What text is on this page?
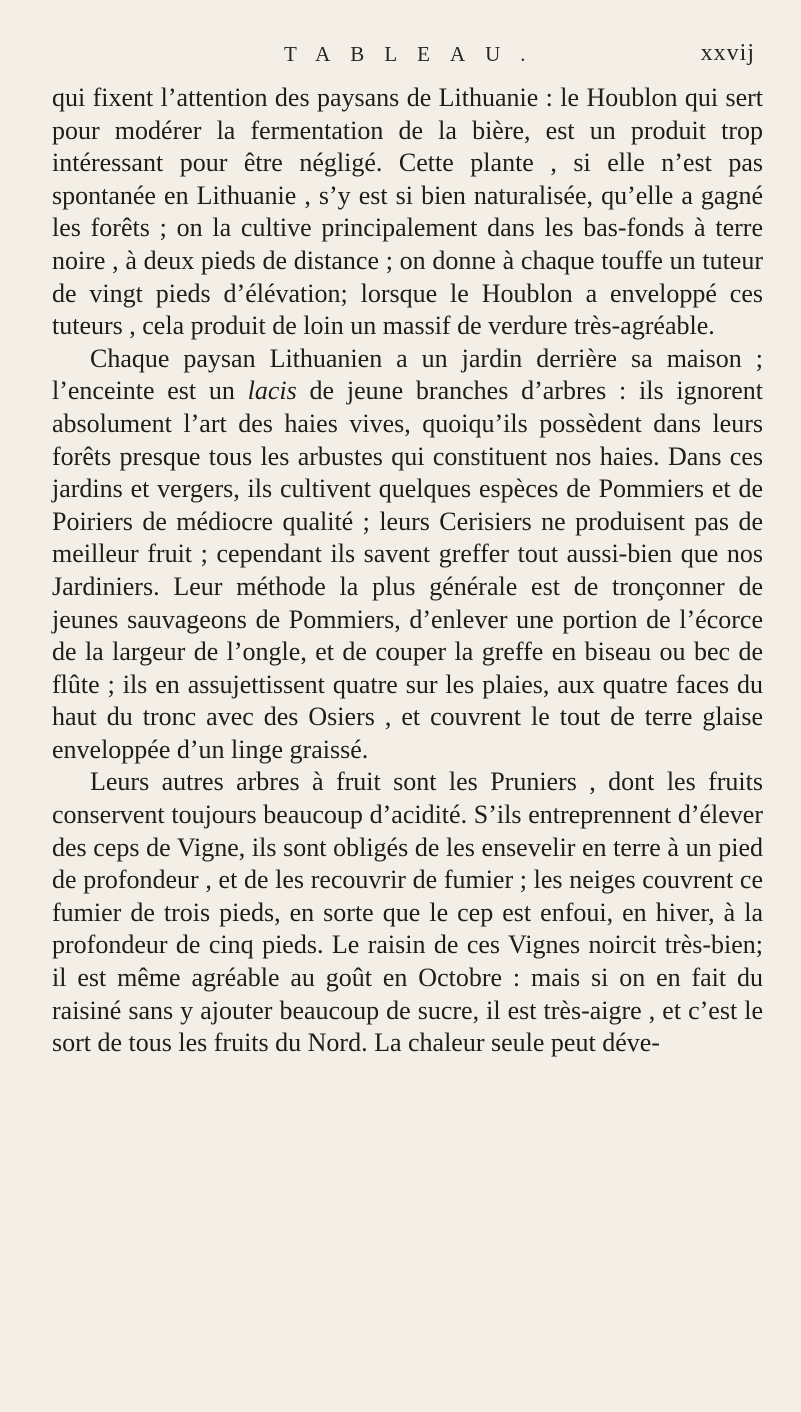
TABLEAU.	xxvij

qui fixent l’attention des paysans de Lithuanie : le Houblon qui sert pour modérer la fermentation de la bière, est un produit trop intéressant pour être négligé. Cette plante , si elle n’est pas spontanée en Lithuanie , s’y est si bien naturalisée, qu’elle a gagné les forêts ; on la cultive principalement dans les bas-fonds à terre noire , à deux pieds de distance ; on donne à chaque touffe un tuteur de vingt pieds d’élévation; lorsque le Houblon a enveloppé ces tuteurs , cela produit de loin un massif de verdure très-agréable.

Chaque paysan Lithuanien a un jardin derrière sa maison ; l’enceinte est un lacis de jeune branches d’arbres : ils ignorent absolument l’art des haies vives, quoiqu’ils possèdent dans leurs forêts presque tous les arbustes qui constituent nos haies. Dans ces jardins et vergers, ils cultivent quelques espèces de Pommiers et de Poiriers de médiocre qualité ; leurs Cerisiers ne produisent pas de meilleur fruit ; cependant ils savent greffer tout aussi-bien que nos Jardiniers. Leur méthode la plus générale est de tronçonner de jeunes sauvageons de Pommiers, d’enlever une portion de l’écorce de la largeur de l’ongle, et de couper la greffe en biseau ou bec de flûte ; ils en assujettissent quatre sur les plaies, aux quatre faces du haut du tronc avec des Osiers , et couvrent le tout de terre glaise enveloppée d’un linge graissé.

Leurs autres arbres à fruit sont les Pruniers , dont les fruits conservent toujours beaucoup d’acidité. S’ils entreprennent d’élever des ceps de Vigne, ils sont obligés de les ensevelir en terre à un pied de profondeur , et de les recouvrir de fumier ; les neiges couvrent ce fumier de trois pieds, en sorte que le cep est enfoui, en hiver, à la profondeur de cinq pieds. Le raisin de ces Vignes noircit très-bien; il est même agréable au goût en Octobre : mais si on en fait du raisiné sans y ajouter beaucoup de sucre, il est très-aigre , et c’est le sort de tous les fruits du Nord. La chaleur seule peut déve-
